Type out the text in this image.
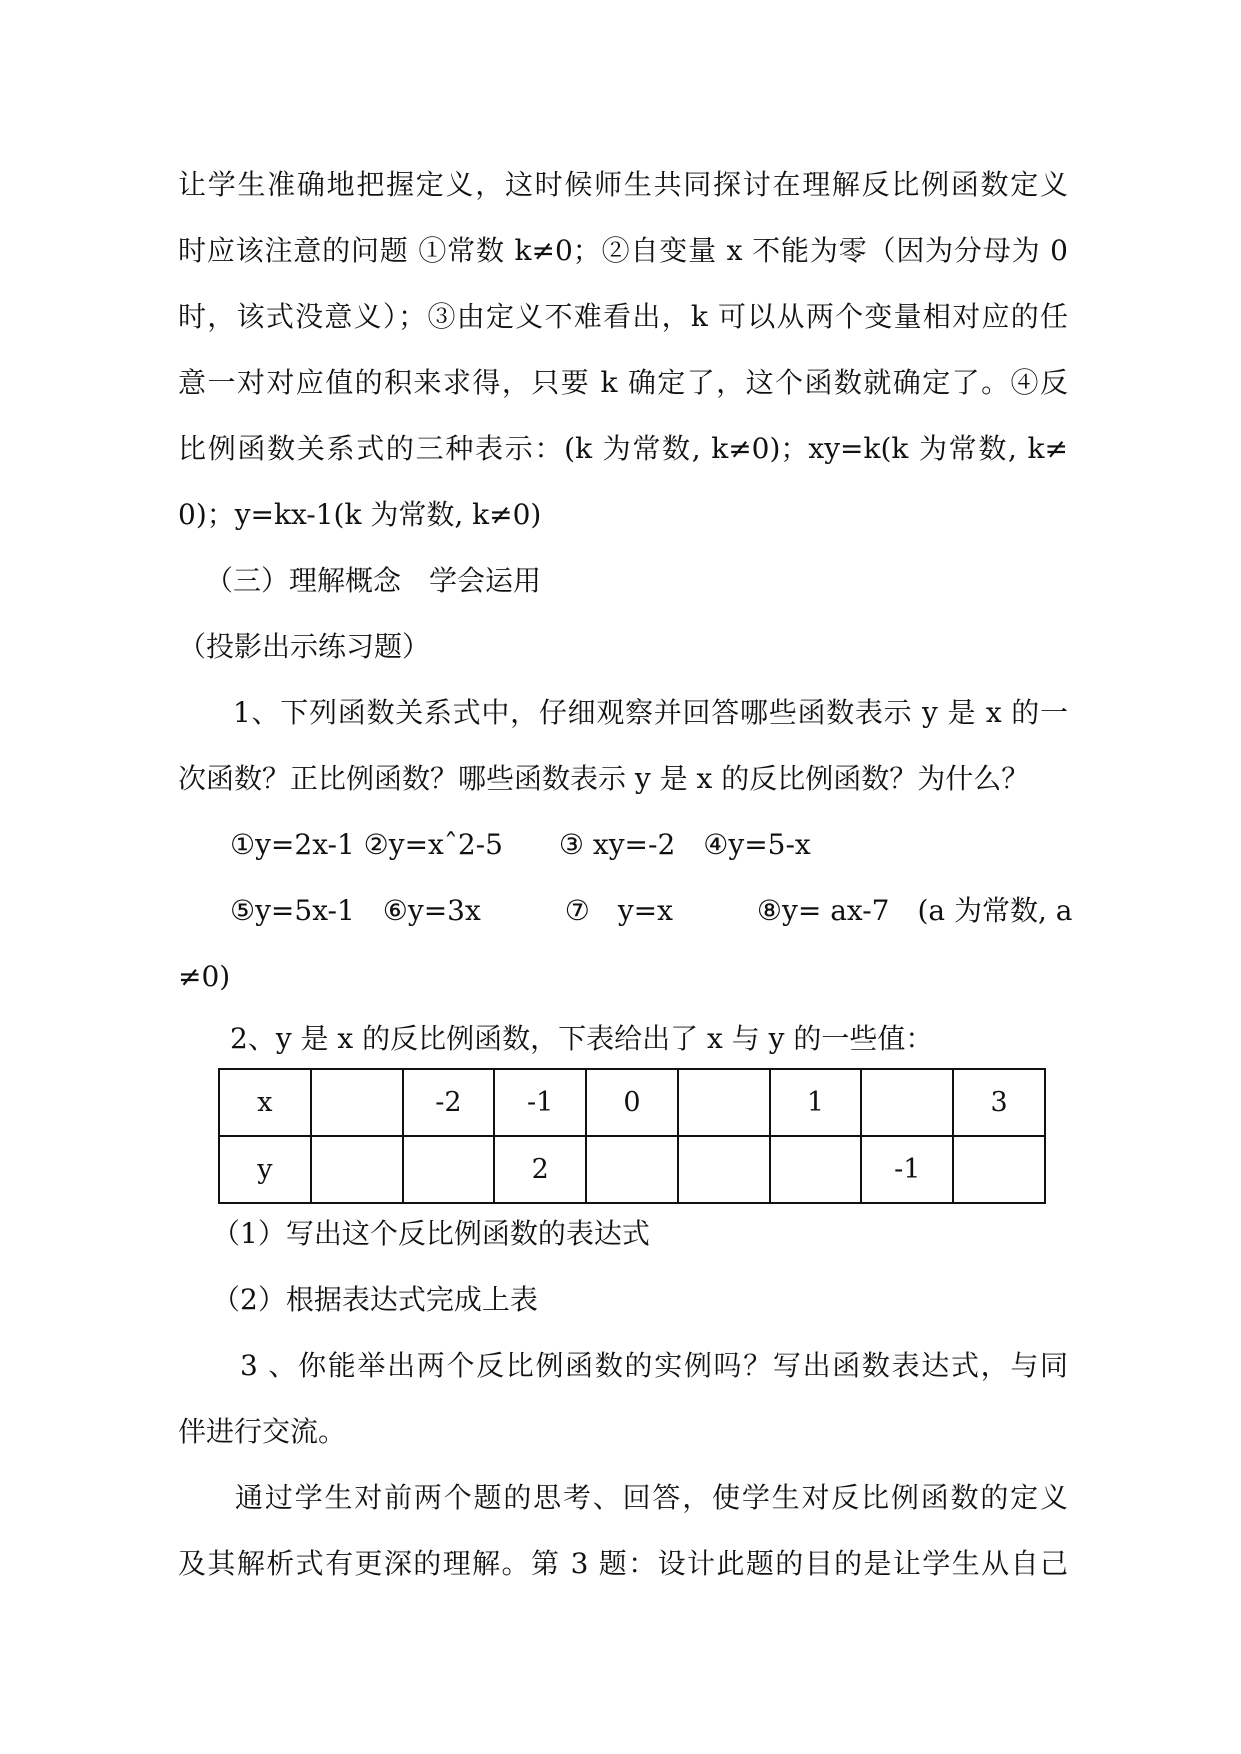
让学生准确地把握定义，这时候师生共同探讨在理解反比例函数定义
时应该注意的问题 ①常数 k≠0；②自变量 x 不能为零（因为分母为 0
时，该式没意义）；③由定义不难看出，k 可以从两个变量相对应的任
意一对对应值的积来求得，只要 k 确定了，这个函数就确定了。④反
比例函数关系式的三种表示：(k 为常数, k≠0)；xy=k(k 为常数, k≠
0)；y=kx-1(k 为常数, k≠0)
（三）理解概念　学会运用
（投影出示练习题）
1、下列函数关系式中，仔细观察并回答哪些函数表示 y 是 x 的一
次函数？正比例函数？哪些函数表示 y 是 x 的反比例函数？为什么？
①y=2x-1 ②y=xˆ2-5　　③ xy=-2　④y=5-x
⑤y=5x-1　⑥y=3x　　　⑦　y=x　　　⑧y= ax-7　(a 为常数, a
≠0)
2、y 是 x 的反比例函数，下表给出了 x 与 y 的一些值：
x		-2	-1	0		1		3
y			2				-1	
（1）写出这个反比例函数的表达式
（2）根据表达式完成上表
3 、你能举出两个反比例函数的实例吗？写出函数表达式，与同
伴进行交流。
通过学生对前两个题的思考、回答，使学生对反比例函数的定义
及其解析式有更深的理解。第 3 题：设计此题的目的是让学生从自己
